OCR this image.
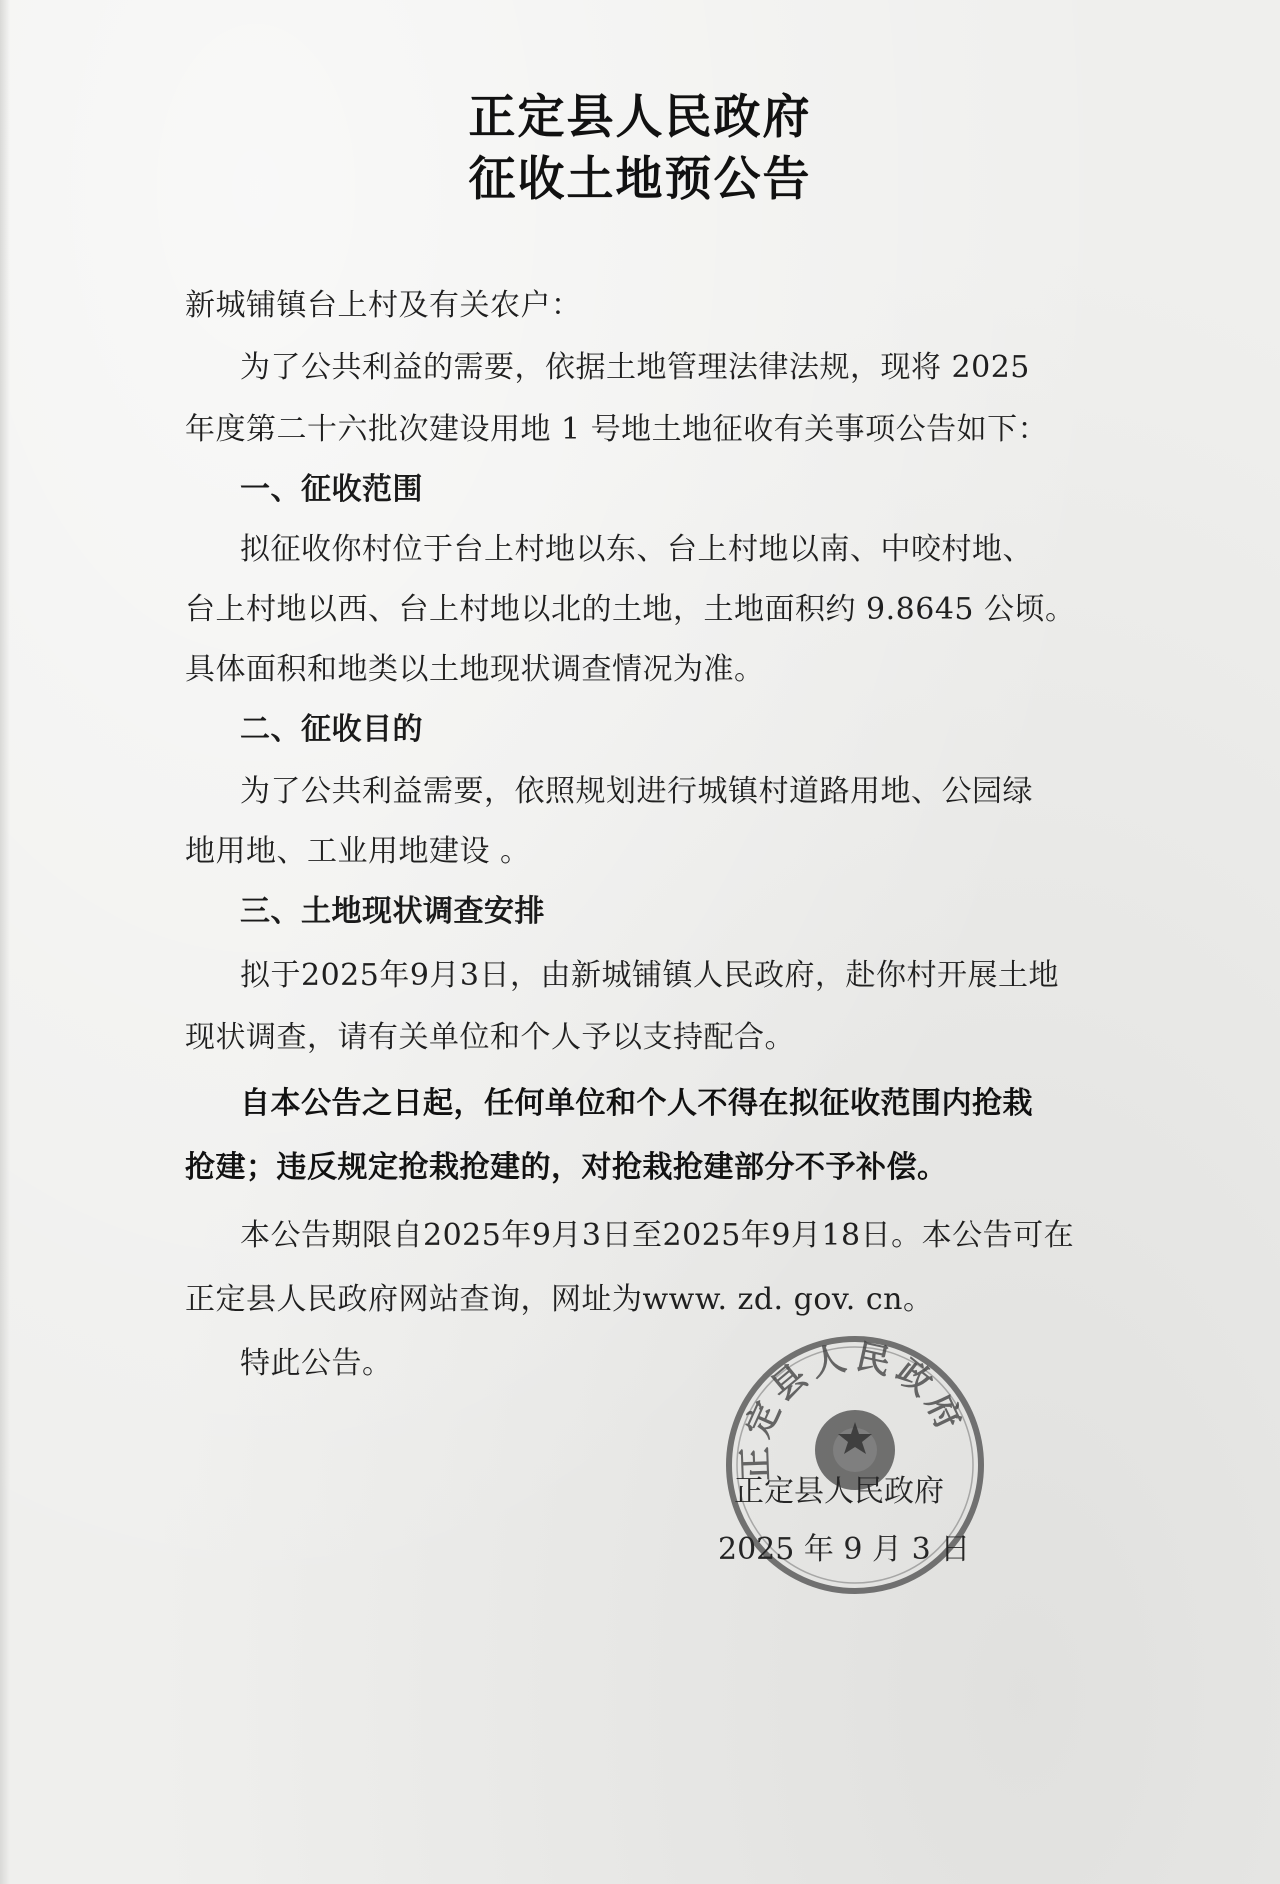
正定县人民政府
征收土地预公告
新城铺镇台上村及有关农户：
为了公共利益的需要，依据土地管理法律法规，现将 2025
年度第二十六批次建设用地 1 号地土地征收有关事项公告如下：
一、征收范围
拟征收你村位于台上村地以东、台上村地以南、中咬村地、
台上村地以西、台上村地以北的土地，土地面积约 9.8645 公顷。
具体面积和地类以土地现状调查情况为准。
二、征收目的
为了公共利益需要，依照规划进行城镇村道路用地、公园绿
地用地、工业用地建设 。
三、土地现状调查安排
拟于2025年9月3日，由新城铺镇人民政府，赴你村开展土地
现状调查，请有关单位和个人予以支持配合。
自本公告之日起，任何单位和个人不得在拟征收范围内抢栽
抢建；违反规定抢栽抢建的，对抢栽抢建部分不予补偿。
本公告期限自2025年9月3日至2025年9月18日。本公告可在
正定县人民政府网站查询，网址为www. zd. gov. cn。
特此公告。
正定县人民政府
正定县人民政府
2025 年 9 月 3 日
